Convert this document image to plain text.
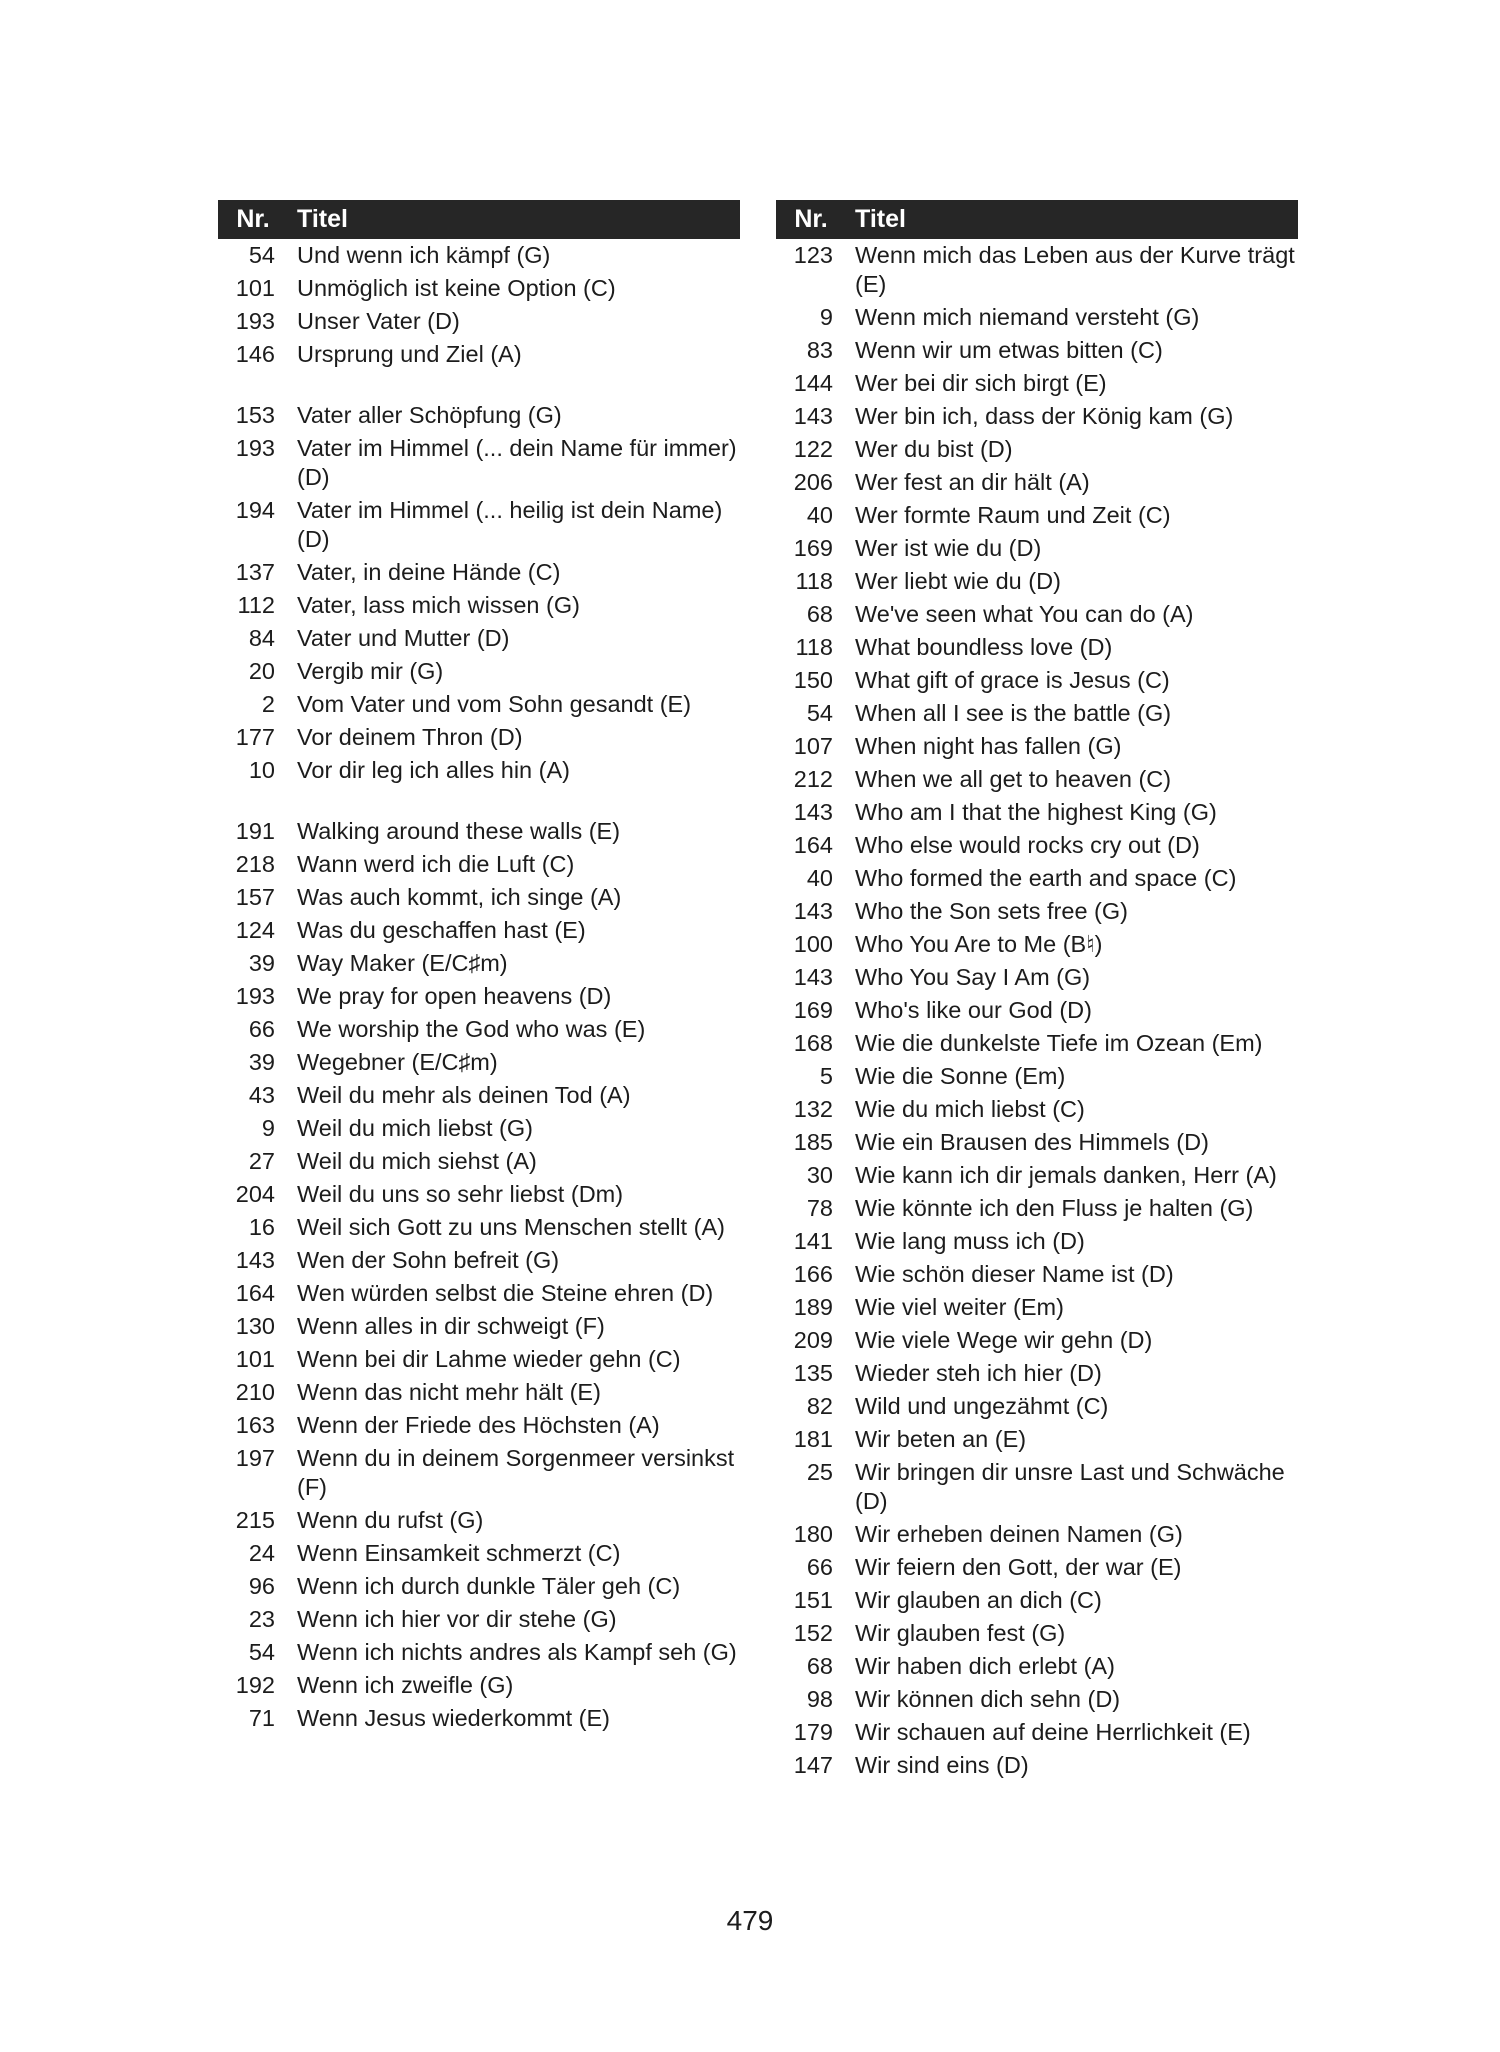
Nr.	Titel
54 Und wenn ich kämpf (G)
101 Unmöglich ist keine Option (C)
193 Unser Vater (D)
146 Ursprung und Ziel (A)
153 Vater aller Schöpfung (G)
193 Vater im Himmel (... dein Name für immer) (D)
194 Vater im Himmel (... heilig ist dein Name) (D)
137 Vater, in deine Hände (C)
112 Vater, lass mich wissen (G)
84 Vater und Mutter (D)
20 Vergib mir (G)
2 Vom Vater und vom Sohn gesandt (E)
177 Vor deinem Thron (D)
10 Vor dir leg ich alles hin (A)
191 Walking around these walls (E)
218 Wann werd ich die Luft (C)
157 Was auch kommt, ich singe (A)
124 Was du geschaffen hast (E)
39 Way Maker (E/C♯m)
193 We pray for open heavens (D)
66 We worship the God who was (E)
39 Wegebner (E/C♯m)
43 Weil du mehr als deinen Tod (A)
9 Weil du mich liebst (G)
27 Weil du mich siehst (A)
204 Weil du uns so sehr liebst (Dm)
16 Weil sich Gott zu uns Menschen stellt (A)
143 Wen der Sohn befreit (G)
164 Wen würden selbst die Steine ehren (D)
130 Wenn alles in dir schweigt (F)
101 Wenn bei dir Lahme wieder gehn (C)
210 Wenn das nicht mehr hält (E)
163 Wenn der Friede des Höchsten (A)
197 Wenn du in deinem Sorgenmeer versinkst (F)
215 Wenn du rufst (G)
24 Wenn Einsamkeit schmerzt (C)
96 Wenn ich durch dunkle Täler geh (C)
23 Wenn ich hier vor dir stehe (G)
54 Wenn ich nichts andres als Kampf seh (G)
192 Wenn ich zweifle (G)
71 Wenn Jesus wiederkommt (E)
Nr.	Titel
123 Wenn mich das Leben aus der Kurve trägt (E)
9 Wenn mich niemand versteht (G)
83 Wenn wir um etwas bitten (C)
144 Wer bei dir sich birgt (E)
143 Wer bin ich, dass der König kam (G)
122 Wer du bist (D)
206 Wer fest an dir hält (A)
40 Wer formte Raum und Zeit (C)
169 Wer ist wie du (D)
118 Wer liebt wie du (D)
68 We've seen what You can do (A)
118 What boundless love (D)
150 What gift of grace is Jesus (C)
54 When all I see is the battle (G)
107 When night has fallen (G)
212 When we all get to heaven (C)
143 Who am I that the highest King (G)
164 Who else would rocks cry out (D)
40 Who formed the earth and space (C)
143 Who the Son sets free (G)
100 Who You Are to Me (B♮)
143 Who You Say I Am (G)
169 Who's like our God (D)
168 Wie die dunkelste Tiefe im Ozean (Em)
5 Wie die Sonne (Em)
132 Wie du mich liebst (C)
185 Wie ein Brausen des Himmels (D)
30 Wie kann ich dir jemals danken, Herr (A)
78 Wie könnte ich den Fluss je halten (G)
141 Wie lang muss ich (D)
166 Wie schön dieser Name ist (D)
189 Wie viel weiter (Em)
209 Wie viele Wege wir gehn (D)
135 Wieder steh ich hier (D)
82 Wild und ungezähmt (C)
181 Wir beten an (E)
25 Wir bringen dir unsre Last und Schwäche (D)
180 Wir erheben deinen Namen (G)
66 Wir feiern den Gott, der war (E)
151 Wir glauben an dich (C)
152 Wir glauben fest (G)
68 Wir haben dich erlebt (A)
98 Wir können dich sehn (D)
179 Wir schauen auf deine Herrlichkeit (E)
147 Wir sind eins (D)
479
